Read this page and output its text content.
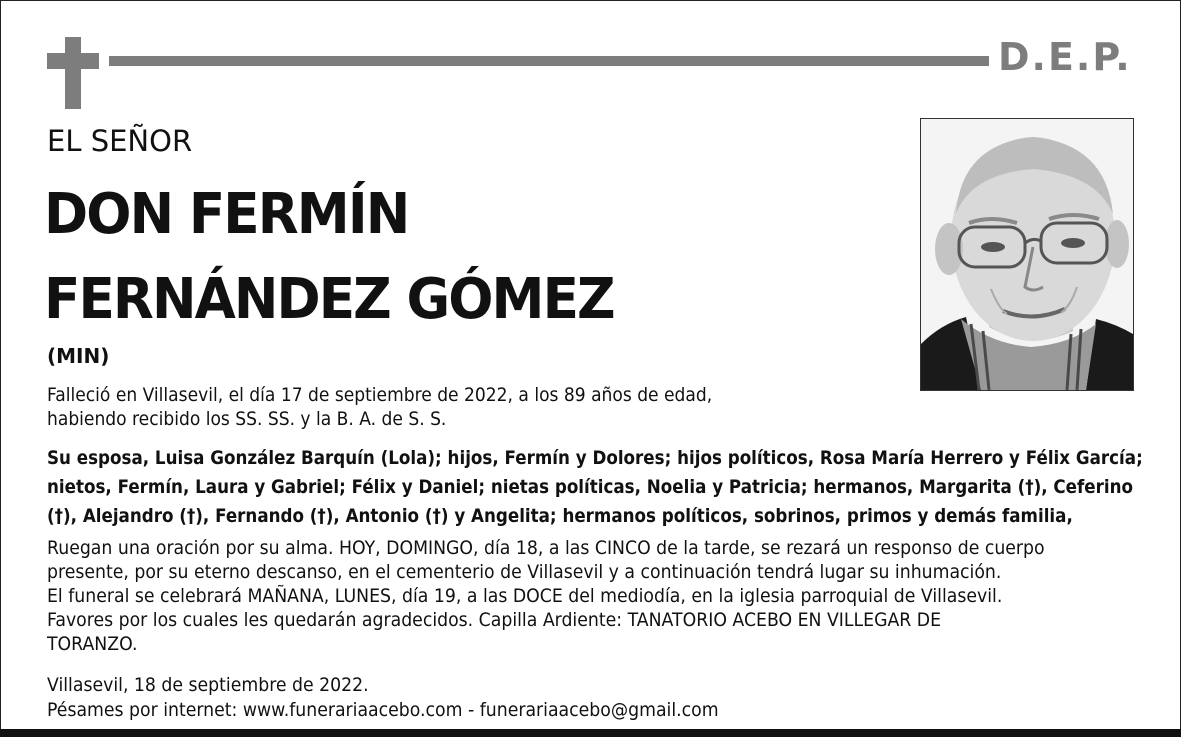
D.E.P.
EL SEÑOR
DON FERMÍN
FERNÁNDEZ GÓMEZ
(MIN)
Falleció en Villasevil, el día 17 de septiembre de 2022, a los 89 años de edad,
habiendo recibido los SS. SS. y la B. A. de S. S.
Su esposa, Luisa González Barquín (Lola); hijos, Fermín y Dolores; hijos políticos, Rosa María Herrero y Félix García;
nietos, Fermín, Laura y Gabriel; Félix y Daniel; nietas políticas, Noelia y Patricia; hermanos, Margarita (†), Ceferino
(†), Alejandro (†), Fernando (†), Antonio (†) y Angelita; hermanos políticos, sobrinos, primos y demás familia,
Ruegan una oración por su alma. HOY, DOMINGO, día 18, a las CINCO de la tarde, se rezará un responso de cuerpo
presente, por su eterno descanso, en el cementerio de Villasevil y a continuación tendrá lugar su inhumación.
El funeral se celebrará MAÑANA, LUNES, día 19, a las DOCE del mediodía, en la iglesia parroquial de Villasevil.
Favores por los cuales les quedarán agradecidos. Capilla Ardiente: TANATORIO ACEBO EN VILLEGAR DE
TORANZO.
Villasevil, 18 de septiembre de 2022.
Pésames por internet: www.funerariaacebo.com - funerariaacebo@gmail.com
